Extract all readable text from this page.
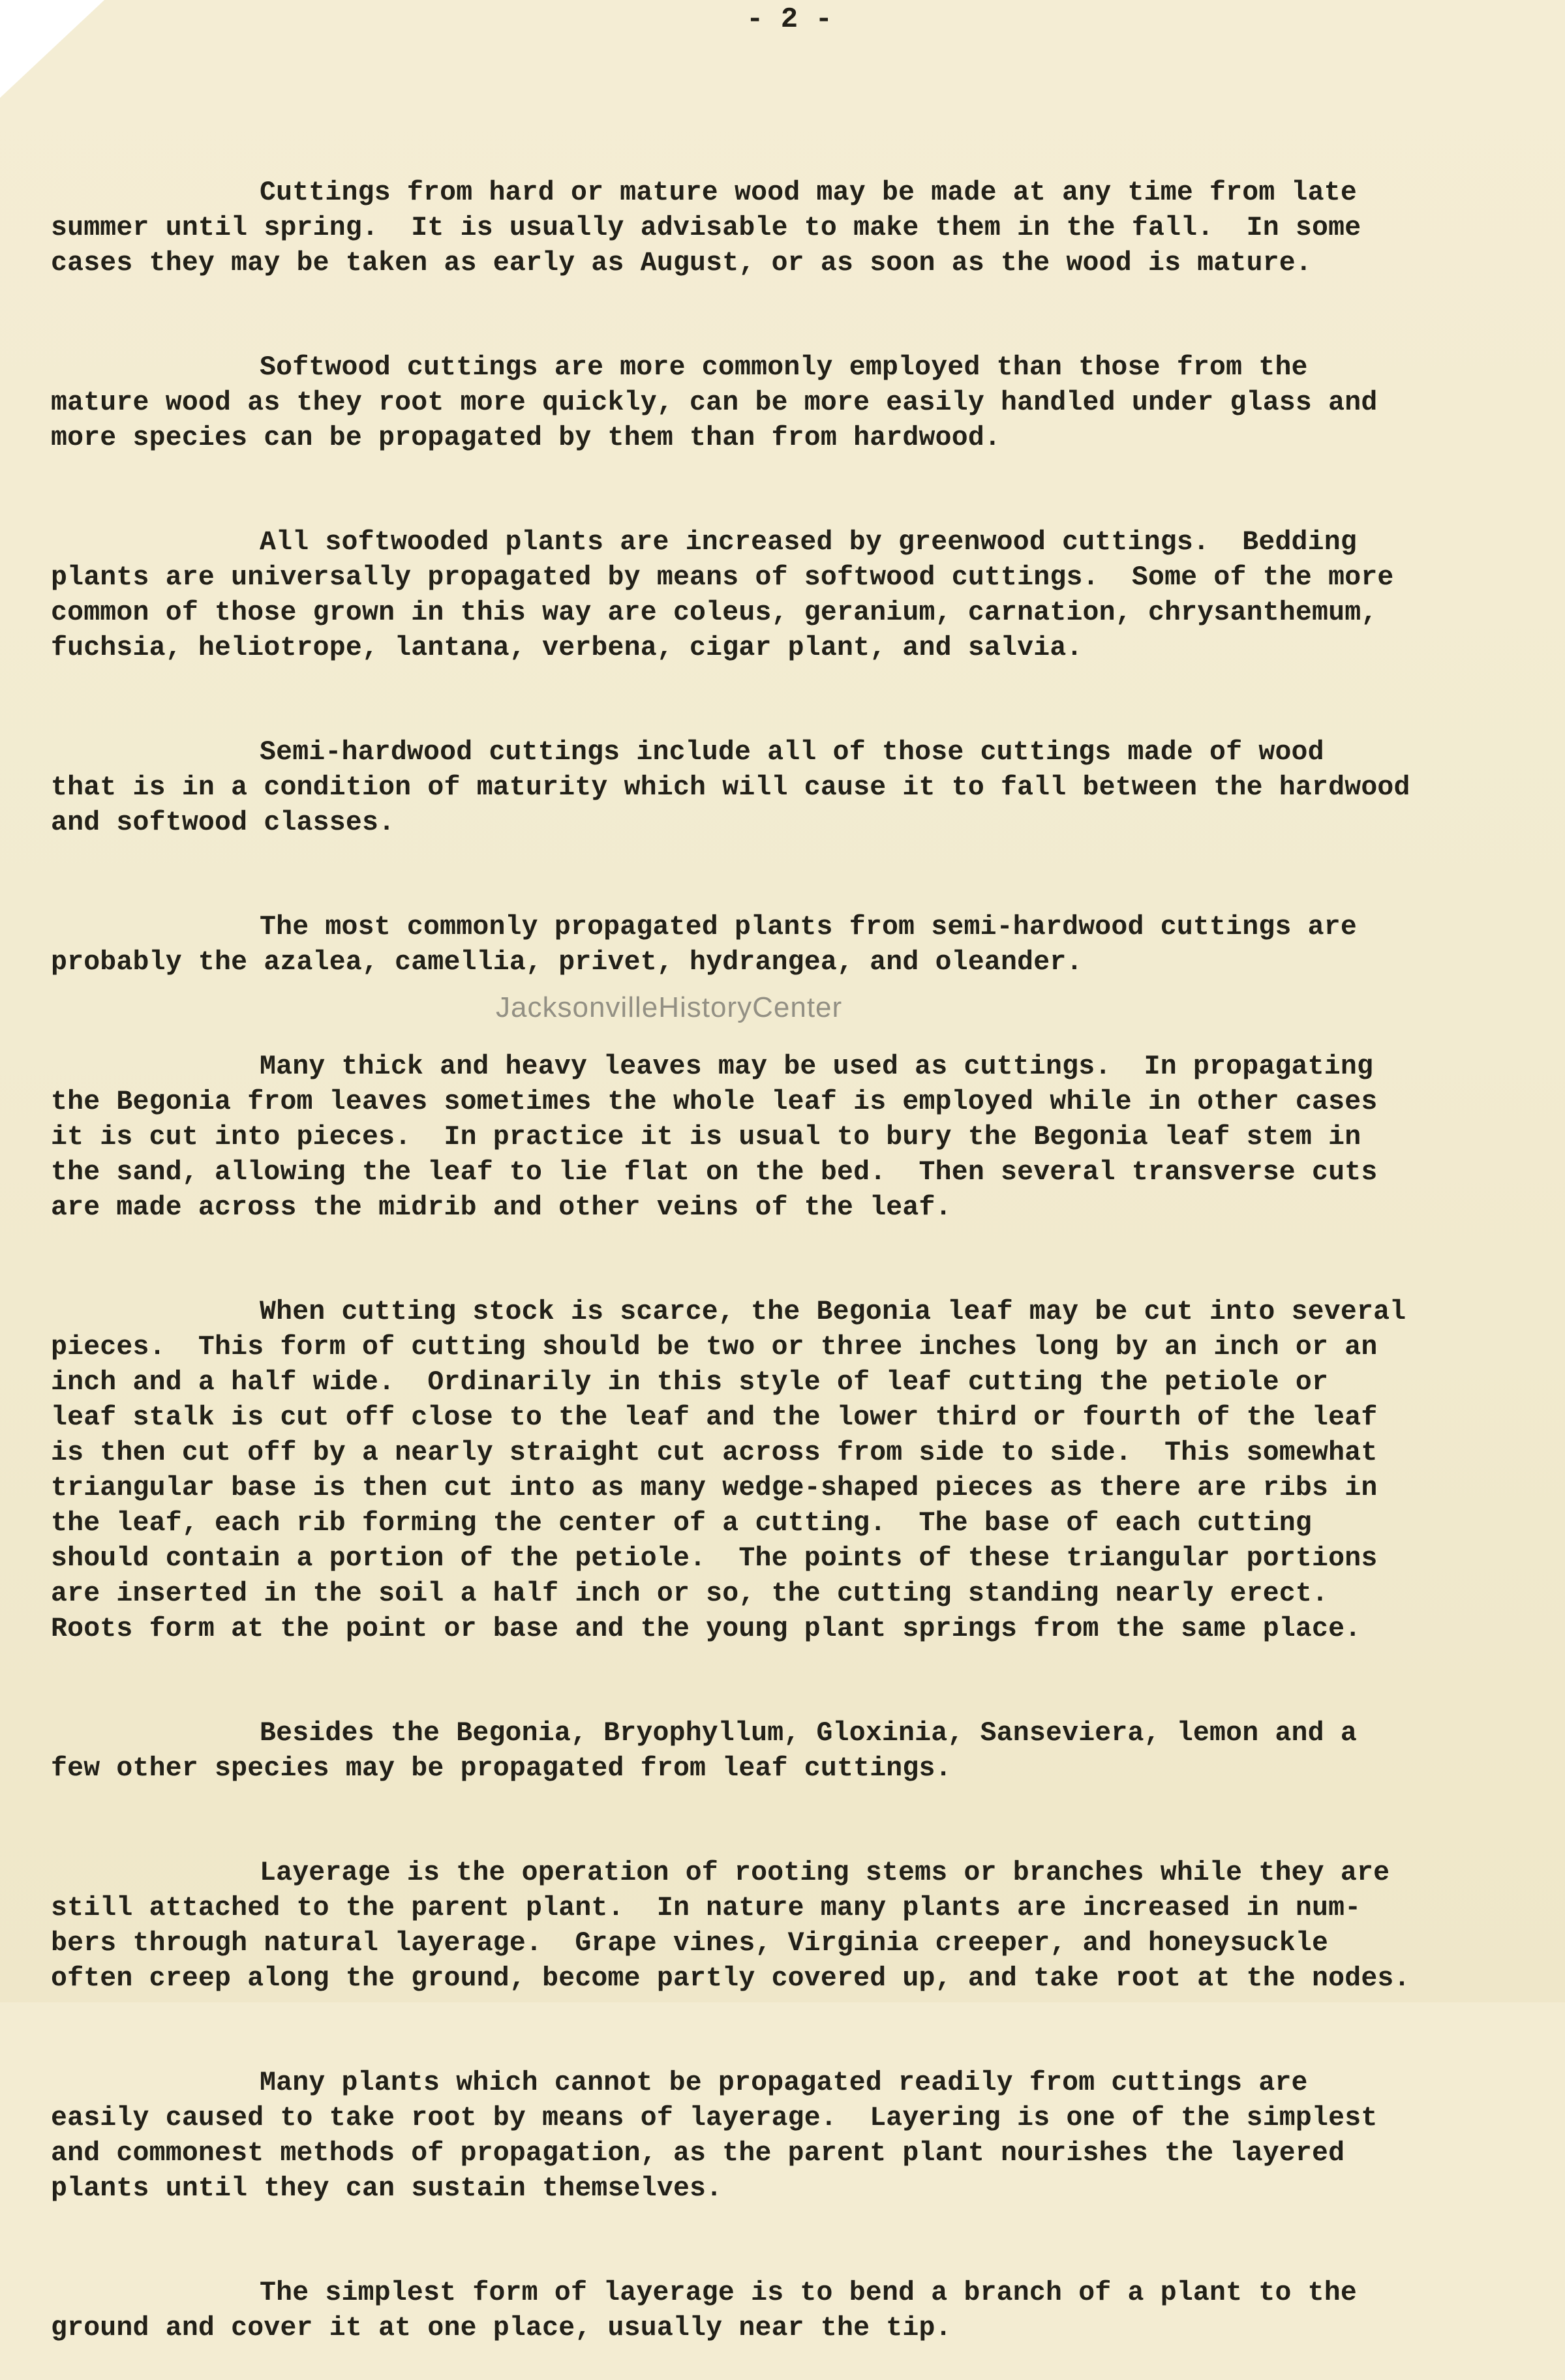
- 2 -

Cuttings from hard or mature wood may be made at any time from late
summer until spring.  It is usually advisable to make them in the fall.  In some
cases they may be taken as early as August, or as soon as the wood is mature.

Softwood cuttings are more commonly employed than those from the
mature wood as they root more quickly, can be more easily handled under glass and
more species can be propagated by them than from hardwood.

All softwooded plants are increased by greenwood cuttings.  Bedding
plants are universally propagated by means of softwood cuttings.  Some of the more
common of those grown in this way are coleus, geranium, carnation, chrysanthemum,
fuchsia, heliotrope, lantana, verbena, cigar plant, and salvia.

Semi-hardwood cuttings include all of those cuttings made of wood
that is in a condition of maturity which will cause it to fall between the hardwood
and softwood classes.

The most commonly propagated plants from semi-hardwood cuttings are
probably the azalea, camellia, privet, hydrangea, and oleander.

Many thick and heavy leaves may be used as cuttings.  In propagating
the Begonia from leaves sometimes the whole leaf is employed while in other cases
it is cut into pieces.  In practice it is usual to bury the Begonia leaf stem in
the sand, allowing the leaf to lie flat on the bed.  Then several transverse cuts
are made across the midrib and other veins of the leaf.

When cutting stock is scarce, the Begonia leaf may be cut into several
pieces.  This form of cutting should be two or three inches long by an inch or an
inch and a half wide.  Ordinarily in this style of leaf cutting the petiole or
leaf stalk is cut off close to the leaf and the lower third or fourth of the leaf
is then cut off by a nearly straight cut across from side to side.  This somewhat
triangular base is then cut into as many wedge-shaped pieces as there are ribs in
the leaf, each rib forming the center of a cutting.  The base of each cutting
should contain a portion of the petiole.  The points of these triangular portions
are inserted in the soil a half inch or so, the cutting standing nearly erect.
Roots form at the point or base and the young plant springs from the same place.

Besides the Begonia, Bryophyllum, Gloxinia, Sanseviera, lemon and a
few other species may be propagated from leaf cuttings.

Layerage is the operation of rooting stems or branches while they are
still attached to the parent plant.  In nature many plants are increased in num-
bers through natural layerage.  Grape vines, Virginia creeper, and honeysuckle
often creep along the ground, become partly covered up, and take root at the nodes.

Many plants which cannot be propagated readily from cuttings are
easily caused to take root by means of layerage.  Layering is one of the simplest
and commonest methods of propagation, as the parent plant nourishes the layered
plants until they can sustain themselves.

The simplest form of layerage is to bend a branch of a plant to the
ground and cover it at one place, usually near the tip.

JacksonvilleHistoryCenter
